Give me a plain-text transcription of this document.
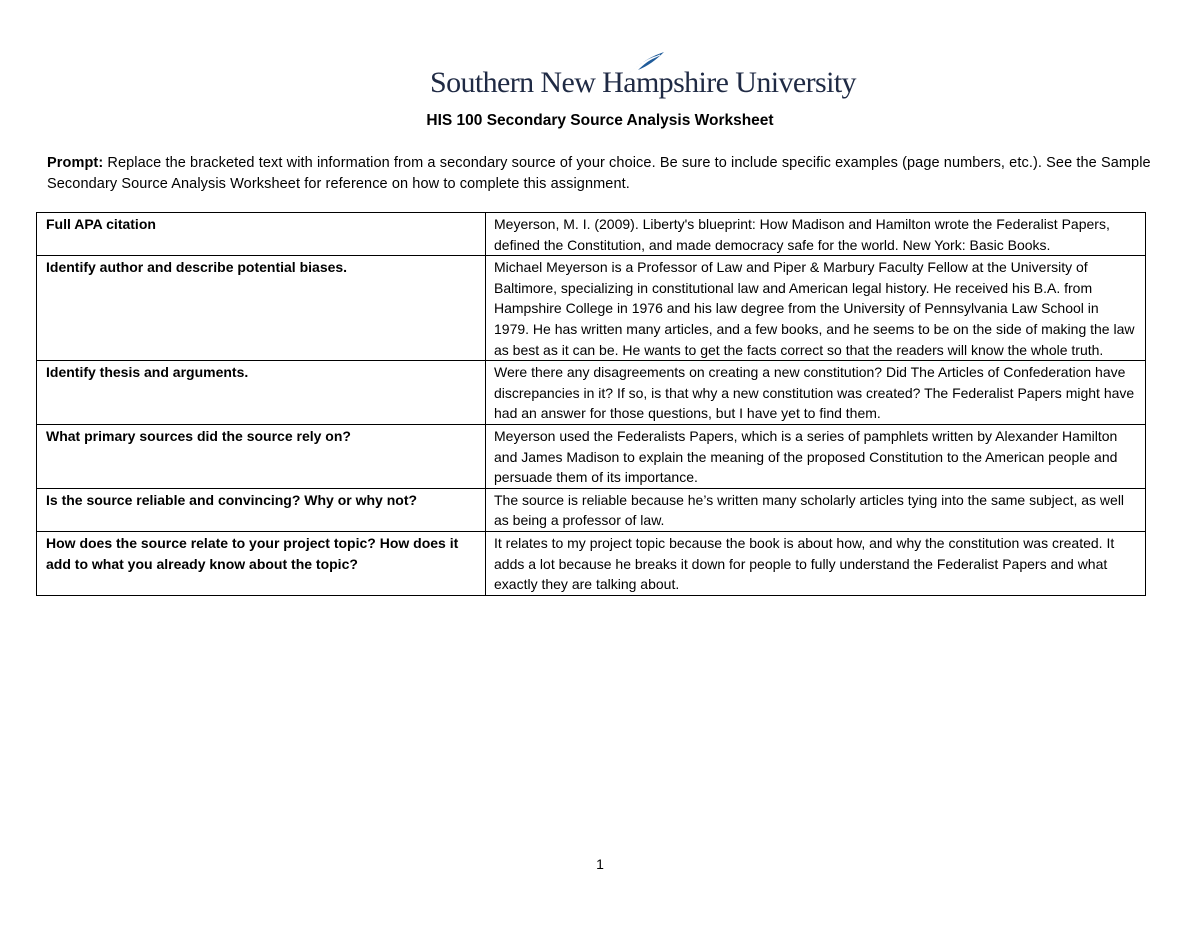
Southern New Hampshire University
HIS 100 Secondary Source Analysis Worksheet
Prompt: Replace the bracketed text with information from a secondary source of your choice. Be sure to include specific examples (page numbers, etc.). See the Sample Secondary Source Analysis Worksheet for reference on how to complete this assignment.
Full APA citation	Meyerson, M. I. (2009). Liberty's blueprint: How Madison and Hamilton wrote the Federalist Papers, defined the Constitution, and made democracy safe for the world. New York: Basic Books.
Identify author and describe potential biases.	Michael Meyerson is a Professor of Law and Piper & Marbury Faculty Fellow at the University of Baltimore, specializing in constitutional law and American legal history. He received his B.A. from Hampshire College in 1976 and his law degree from the University of Pennsylvania Law School in 1979. He has written many articles, and a few books, and he seems to be on the side of making the law as best as it can be. He wants to get the facts correct so that the readers will know the whole truth.
Identify thesis and arguments.	Were there any disagreements on creating a new constitution? Did The Articles of Confederation have discrepancies in it? If so, is that why a new constitution was created? The Federalist Papers might have had an answer for those questions, but I have yet to find them.
What primary sources did the source rely on?	Meyerson used the Federalists Papers, which is a series of pamphlets written by Alexander Hamilton and James Madison to explain the meaning of the proposed Constitution to the American people and persuade them of its importance.
Is the source reliable and convincing? Why or why not?	The source is reliable because he’s written many scholarly articles tying into the same subject, as well as being a professor of law.
How does the source relate to your project topic? How does it add to what you already know about the topic?	It relates to my project topic because the book is about how, and why the constitution was created. It adds a lot because he breaks it down for people to fully understand the Federalist Papers and what exactly they are talking about.
1
